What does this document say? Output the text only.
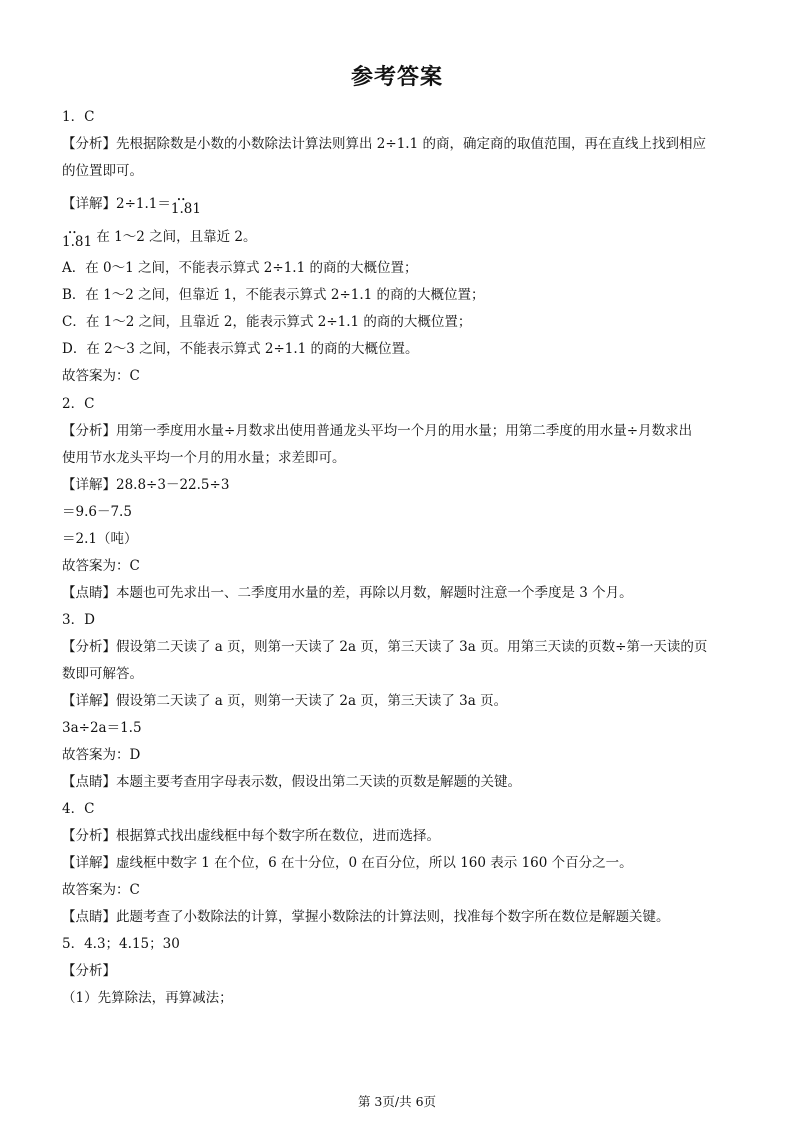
参考答案
1．C
【分析】先根据除数是小数的小数除法计算法则算出 2÷1.1 的商，确定商的取值范围，再在直线上找到相应
的位置即可。
【详解】2÷1.1＝• • 1.81
• • 1.81 在 1～2 之间，且靠近 2。
A．在 0～1 之间，不能表示算式 2÷1.1 的商的大概位置；
B．在 1～2 之间，但靠近 1，不能表示算式 2÷1.1 的商的大概位置；
C．在 1～2 之间，且靠近 2，能表示算式 2÷1.1 的商的大概位置；
D．在 2～3 之间，不能表示算式 2÷1.1 的商的大概位置。
故答案为：C
2．C
【分析】用第一季度用水量÷月数求出使用普通龙头平均一个月的用水量；用第二季度的用水量÷月数求出
使用节水龙头平均一个月的用水量；求差即可。
【详解】28.8÷3－22.5÷3
＝9.6－7.5
＝2.1（吨）
故答案为：C
【点睛】本题也可先求出一、二季度用水量的差，再除以月数，解题时注意一个季度是 3 个月。
3．D
【分析】假设第二天读了 a 页，则第一天读了 2a 页，第三天读了 3a 页。用第三天读的页数÷第一天读的页
数即可解答。
【详解】假设第二天读了 a 页，则第一天读了 2a 页，第三天读了 3a 页。
3a÷2a＝1.5
故答案为：D
【点睛】本题主要考查用字母表示数，假设出第二天读的页数是解题的关键。
4．C
【分析】根据算式找出虚线框中每个数字所在数位，进而选择。
【详解】虚线框中数字 1 在个位，6 在十分位，0 在百分位，所以 160 表示 160 个百分之一。
故答案为：C
【点睛】此题考查了小数除法的计算，掌握小数除法的计算法则，找准每个数字所在数位是解题关键。
5．4.3；4.15；30
【分析】
（1）先算除法，再算减法；
第 3页/共 6页
